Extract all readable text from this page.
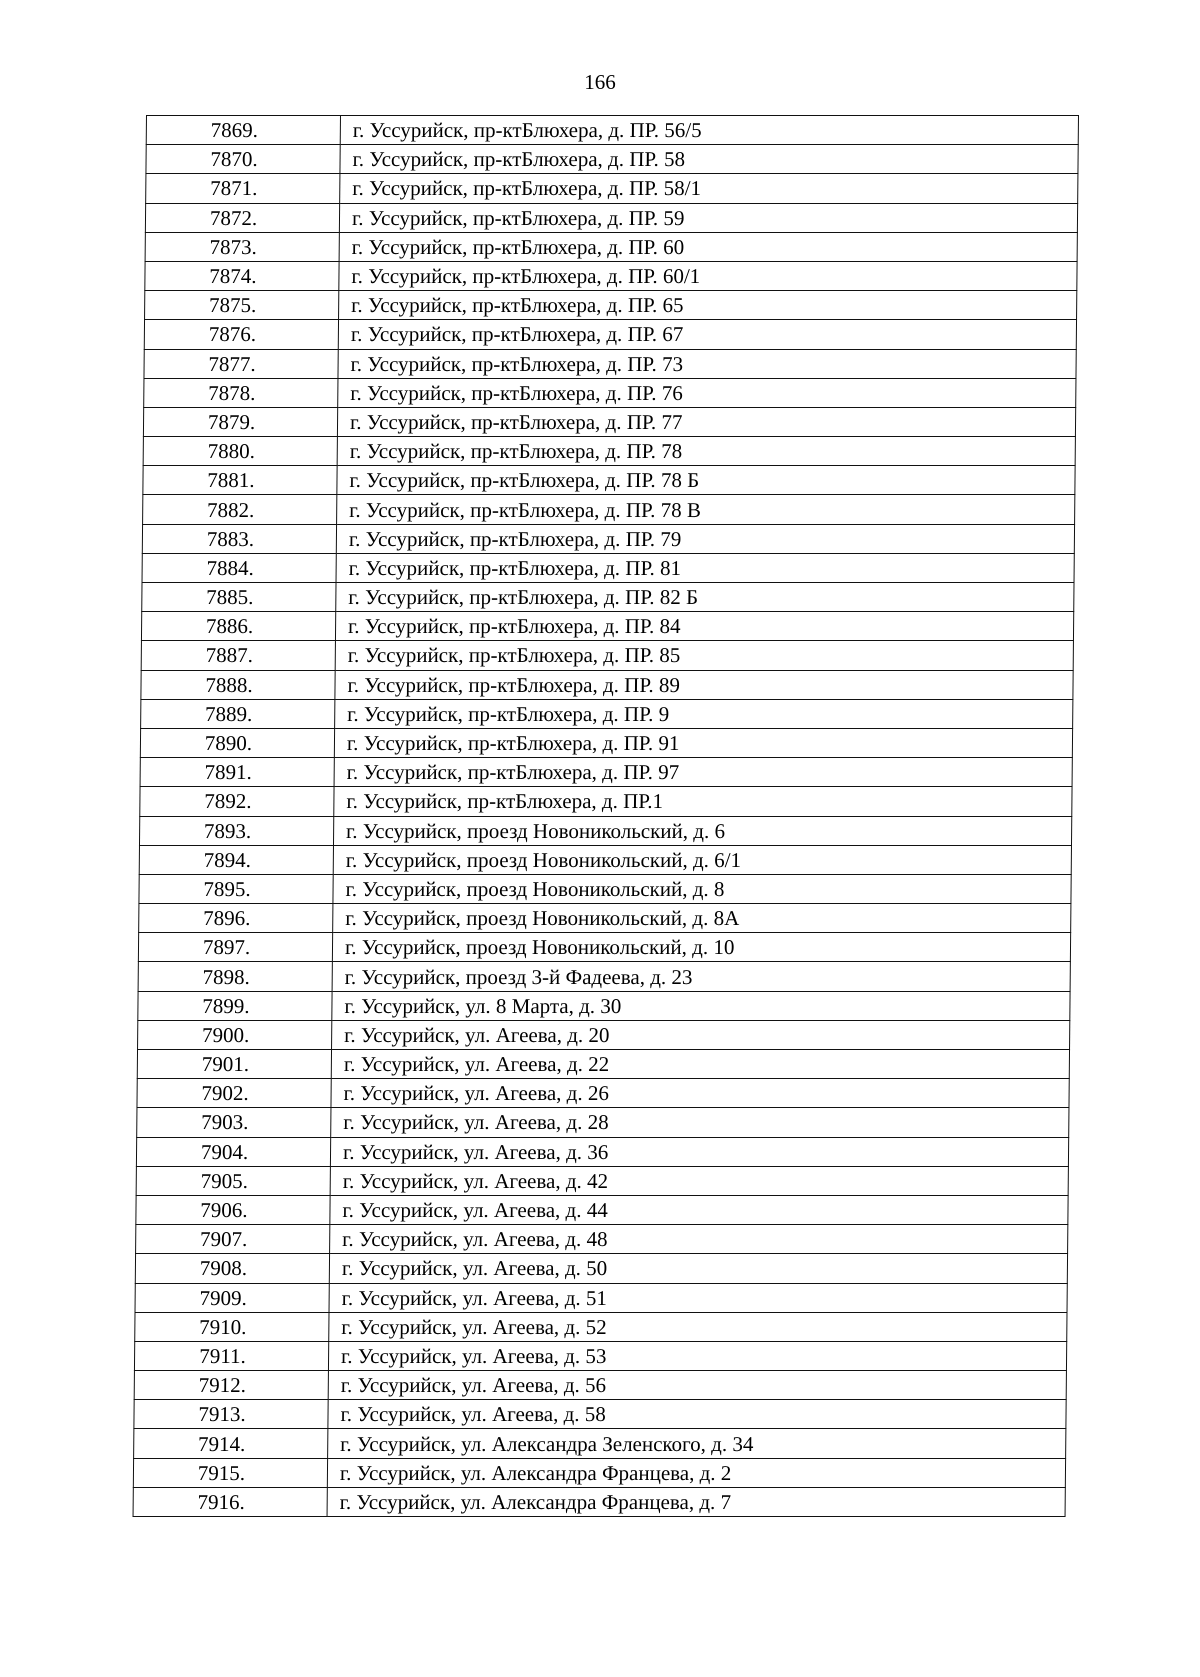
166
7869.	г. Уссурийск, пр-ктБлюхера, д. ПР. 56/5
7870.	г. Уссурийск, пр-ктБлюхера, д. ПР. 58
7871.	г. Уссурийск, пр-ктБлюхера, д. ПР. 58/1
7872.	г. Уссурийск, пр-ктБлюхера, д. ПР. 59
7873.	г. Уссурийск, пр-ктБлюхера, д. ПР. 60
7874.	г. Уссурийск, пр-ктБлюхера, д. ПР. 60/1
7875.	г. Уссурийск, пр-ктБлюхера, д. ПР. 65
7876.	г. Уссурийск, пр-ктБлюхера, д. ПР. 67
7877.	г. Уссурийск, пр-ктБлюхера, д. ПР. 73
7878.	г. Уссурийск, пр-ктБлюхера, д. ПР. 76
7879.	г. Уссурийск, пр-ктБлюхера, д. ПР. 77
7880.	г. Уссурийск, пр-ктБлюхера, д. ПР. 78
7881.	г. Уссурийск, пр-ктБлюхера, д. ПР. 78 Б
7882.	г. Уссурийск, пр-ктБлюхера, д. ПР. 78 В
7883.	г. Уссурийск, пр-ктБлюхера, д. ПР. 79
7884.	г. Уссурийск, пр-ктБлюхера, д. ПР. 81
7885.	г. Уссурийск, пр-ктБлюхера, д. ПР. 82 Б
7886.	г. Уссурийск, пр-ктБлюхера, д. ПР. 84
7887.	г. Уссурийск, пр-ктБлюхера, д. ПР. 85
7888.	г. Уссурийск, пр-ктБлюхера, д. ПР. 89
7889.	г. Уссурийск, пр-ктБлюхера, д. ПР. 9
7890.	г. Уссурийск, пр-ктБлюхера, д. ПР. 91
7891.	г. Уссурийск, пр-ктБлюхера, д. ПР. 97
7892.	г. Уссурийск, пр-ктБлюхера, д. ПР.1
7893.	г. Уссурийск, проезд Новоникольский, д. 6
7894.	г. Уссурийск, проезд Новоникольский, д. 6/1
7895.	г. Уссурийск, проезд Новоникольский, д. 8
7896.	г. Уссурийск, проезд Новоникольский, д. 8А
7897.	г. Уссурийск, проезд Новоникольский, д. 10
7898.	г. Уссурийск, проезд 3-й Фадеева, д. 23
7899.	г. Уссурийск, ул. 8 Марта, д. 30
7900.	г. Уссурийск, ул. Агеева, д. 20
7901.	г. Уссурийск, ул. Агеева, д. 22
7902.	г. Уссурийск, ул. Агеева, д. 26
7903.	г. Уссурийск, ул. Агеева, д. 28
7904.	г. Уссурийск, ул. Агеева, д. 36
7905.	г. Уссурийск, ул. Агеева, д. 42
7906.	г. Уссурийск, ул. Агеева, д. 44
7907.	г. Уссурийск, ул. Агеева, д. 48
7908.	г. Уссурийск, ул. Агеева, д. 50
7909.	г. Уссурийск, ул. Агеева, д. 51
7910.	г. Уссурийск, ул. Агеева, д. 52
7911.	г. Уссурийск, ул. Агеева, д. 53
7912.	г. Уссурийск, ул. Агеева, д. 56
7913.	г. Уссурийск, ул. Агеева, д. 58
7914.	г. Уссурийск, ул. Александра Зеленского, д. 34
7915.	г. Уссурийск, ул. Александра Францева, д. 2
7916.	г. Уссурийск, ул. Александра Францева, д. 7
